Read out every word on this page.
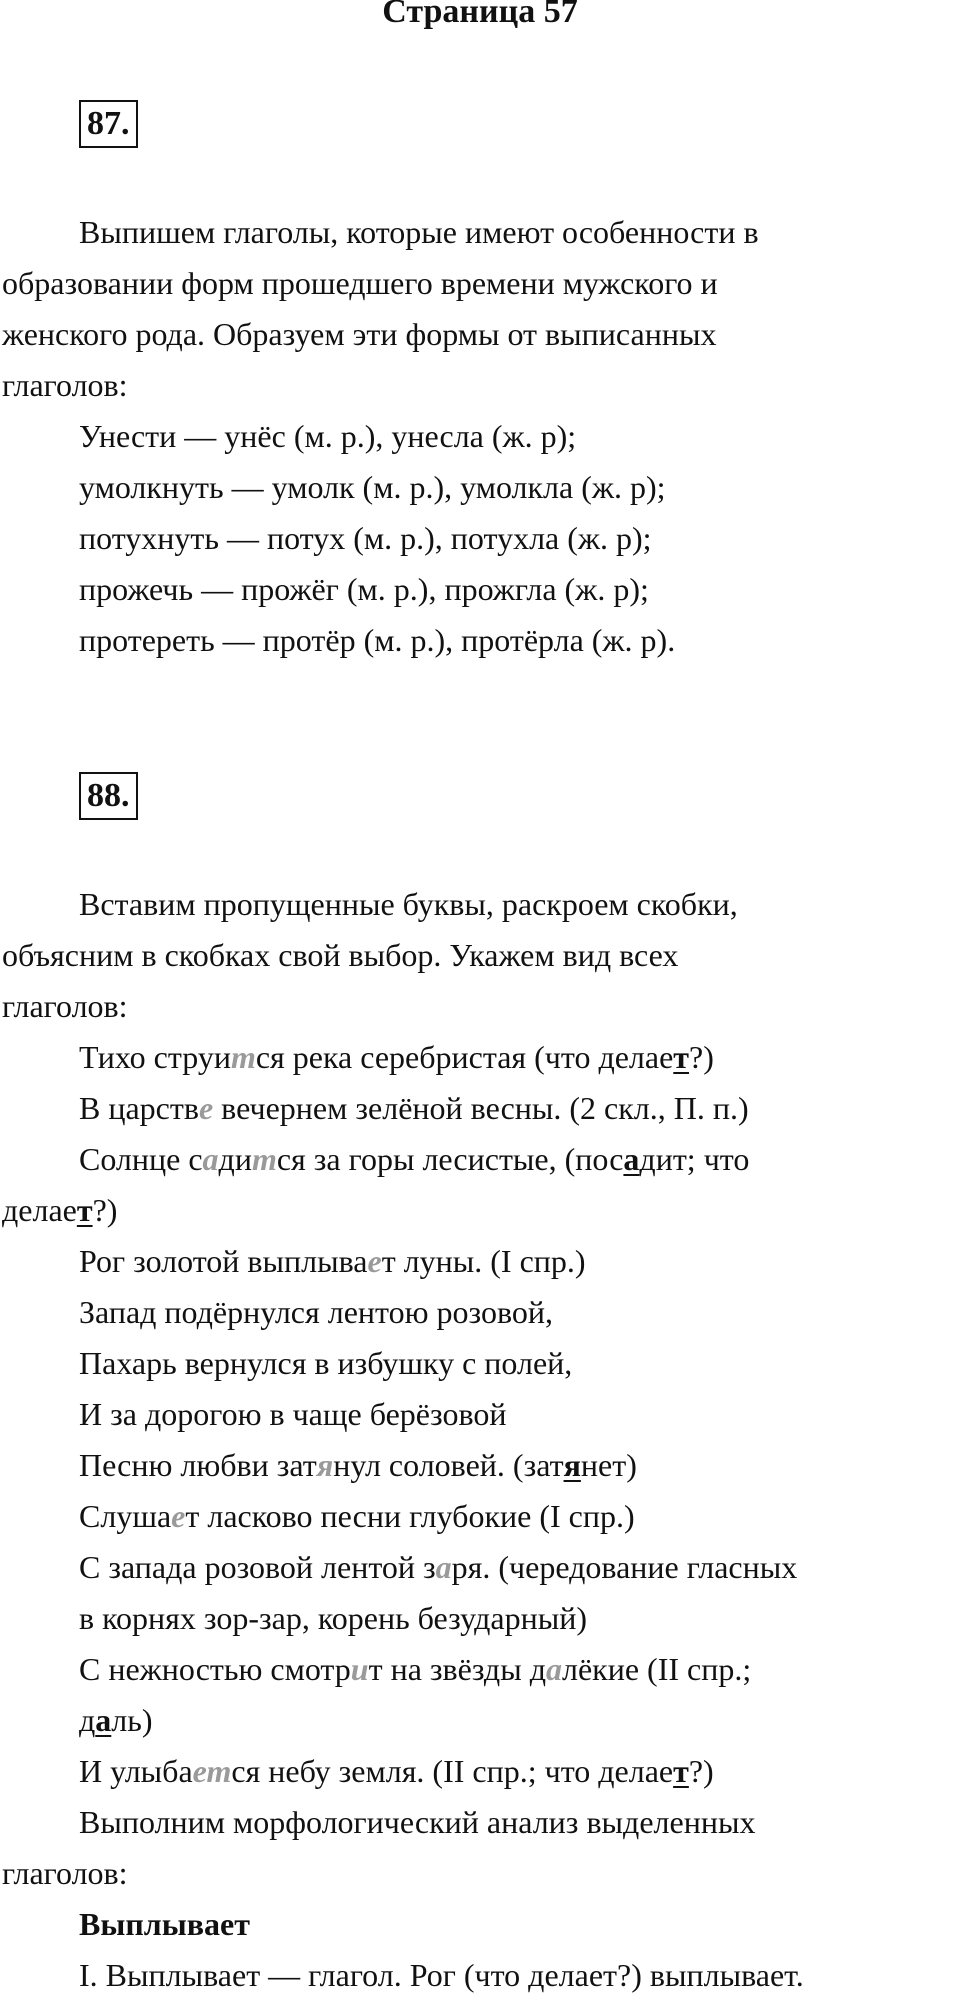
Страница 57
87.
Выпишем глаголы, которые имеют особенности в
образовании форм прошедшего времени мужского и
женского рода. Образуем эти формы от выписанных
глаголов:
Унести — унёс (м. р.), унесла (ж. р);
умолкнуть — умолк (м. р.), умолкла (ж. р);
потухнуть — потух (м. р.), потухла (ж. р);
прожечь — прожёг (м. р.), прожгла (ж. р);
протереть — протёр (м. р.), протёрла (ж. р).
88.
Вставим пропущенные буквы, раскроем скобки,
объясним в скобках свой выбор. Укажем вид всех
глаголов:
Тихо струится река серебристая (что делает?)
В царстве вечернем зелёной весны. (2 скл., П. п.)
Солнце садится за горы лесистые, (посадит; что
делает?)
Рог золотой выплывает луны. (I спр.)
Запад подёрнулся лентою розовой,
Пахарь вернулся в избушку с полей,
И за дорогою в чаще берёзовой
Песню любви затянул соловей. (затянет)
Слушает ласково песни глубокие (I спр.)
С запада розовой лентой заря. (чередование гласных
в корнях зор-зар, корень безударный)
С нежностью смотрит на звёзды далёкие (II спр.;
даль)
И улыбается небу земля. (II спр.; что делает?)
Выполним морфологический анализ выделенных
глаголов:
Выплывает
I. Выплывает — глагол. Рог (что делает?) выплывает.
